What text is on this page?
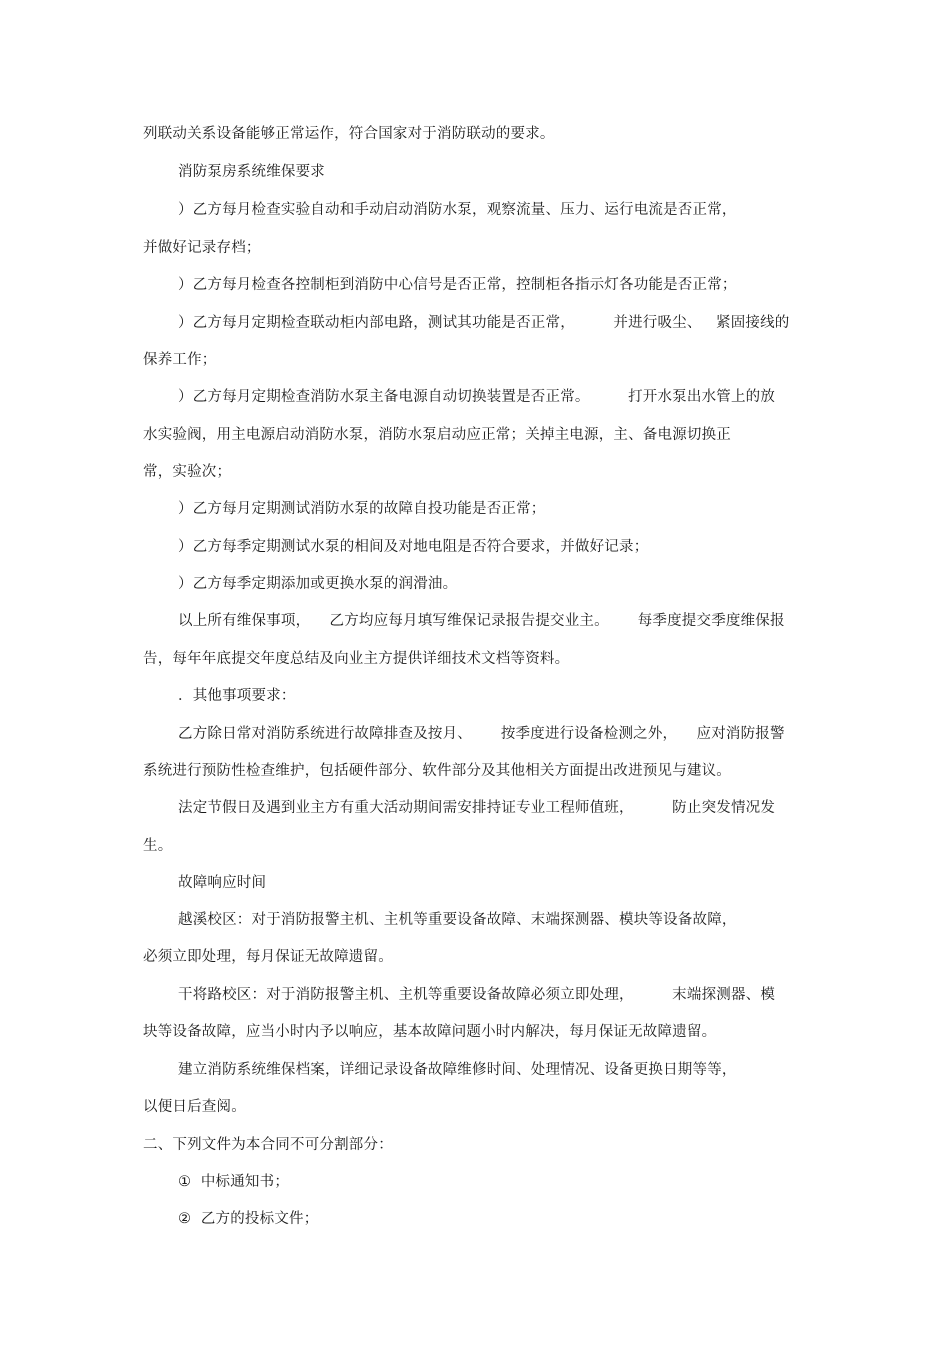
列联动关系设备能够正常运作，符合国家对于消防联动的要求。
消防泵房系统维保要求
）乙方每月检查实验自动和手动启动消防水泵，观察流量、压力、运行电流是否正常，
并做好记录存档；
）乙方每月检查各控制柜到消防中心信号是否正常，控制柜各指示灯各功能是否正常；
）乙方每月定期检查联动柜内部电路，测试其功能是否正常，        并进行吸尘、   紧固接线的
保养工作；
）乙方每月定期检查消防水泵主备电源自动切换装置是否正常。        打开水泵出水管上的放
水实验阀，用主电源启动消防水泵，消防水泵启动应正常；关掉主电源，主、备电源切换正
常，实验次；
）乙方每月定期测试消防水泵的故障自投功能是否正常；
）乙方每季定期测试水泵的相间及对地电阻是否符合要求，并做好记录；
）乙方每季定期添加或更换水泵的润滑油。
以上所有维保事项，    乙方均应每月填写维保记录报告提交业主。      每季度提交季度维保报
告，每年年底提交年度总结及向业主方提供详细技术文档等资料。
．其他事项要求：
乙方除日常对消防系统进行故障排查及按月、      按季度进行设备检测之外，    应对消防报警
系统进行预防性检查维护，包括硬件部分、软件部分及其他相关方面提出改进预见与建议。
法定节假日及遇到业主方有重大活动期间需安排持证专业工程师值班，        防止突发情况发
生。
故障响应时间
越溪校区：对于消防报警主机、主机等重要设备故障、末端探测器、模块等设备故障，
必须立即处理，每月保证无故障遗留。
干将路校区：对于消防报警主机、主机等重要设备故障必须立即处理，        末端探测器、模
块等设备故障，应当小时内予以响应，基本故障问题小时内解决，每月保证无故障遗留。
建立消防系统维保档案，详细记录设备故障维修时间、处理情况、设备更换日期等等，
以便日后查阅。
二、下列文件为本合同不可分割部分：
①  中标通知书；
②  乙方的投标文件；
